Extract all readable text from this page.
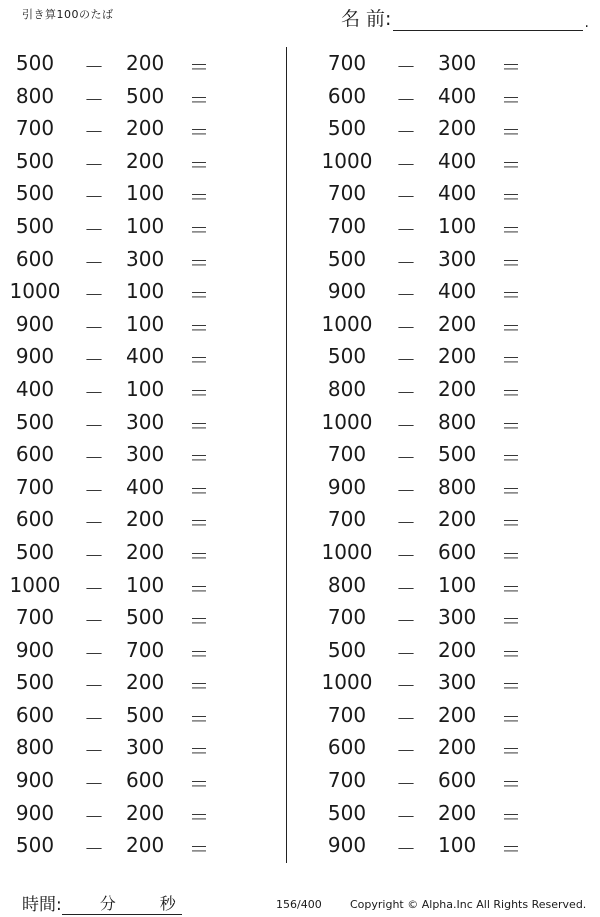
引き算100のたば	名 前:	.
500	－ 200 ＝
800	－ 500 ＝
700	－ 200 ＝
500	－ 200 ＝
500	－ 100 ＝
500	－ 100 ＝
600	－ 300 ＝
1000	－ 100 ＝
900	－ 100 ＝
900	－ 400 ＝
400	－ 100 ＝
500	－ 300 ＝
600	－ 300 ＝
700	－ 400 ＝
600	－ 200 ＝
500	－ 200 ＝
1000	－ 100 ＝
700	－ 500 ＝
900	－ 700 ＝
500	－ 200 ＝
600	－ 500 ＝
800	－ 300 ＝
900	－ 600 ＝
900	－ 200 ＝
500	－ 200 ＝
700	－ 300 ＝
600	－ 400 ＝
500	－ 200 ＝
1000	－ 400 ＝
700	－ 400 ＝
700	－ 100 ＝
500	－ 300 ＝
900	－ 400 ＝
1000	－ 200 ＝
500	－ 200 ＝
800	－ 200 ＝
1000	－ 800 ＝
700	－ 500 ＝
900	－ 800 ＝
700	－ 200 ＝
1000	－ 600 ＝
800	－ 100 ＝
700	－ 300 ＝
500	－ 200 ＝
1000	－ 300 ＝
700	－ 200 ＝
600	－ 200 ＝
700	－ 600 ＝
500	－ 200 ＝
900	－ 100 ＝
時間:	分	秒	156/400	Copyright © Alpha.Inc All Rights Reserved.
